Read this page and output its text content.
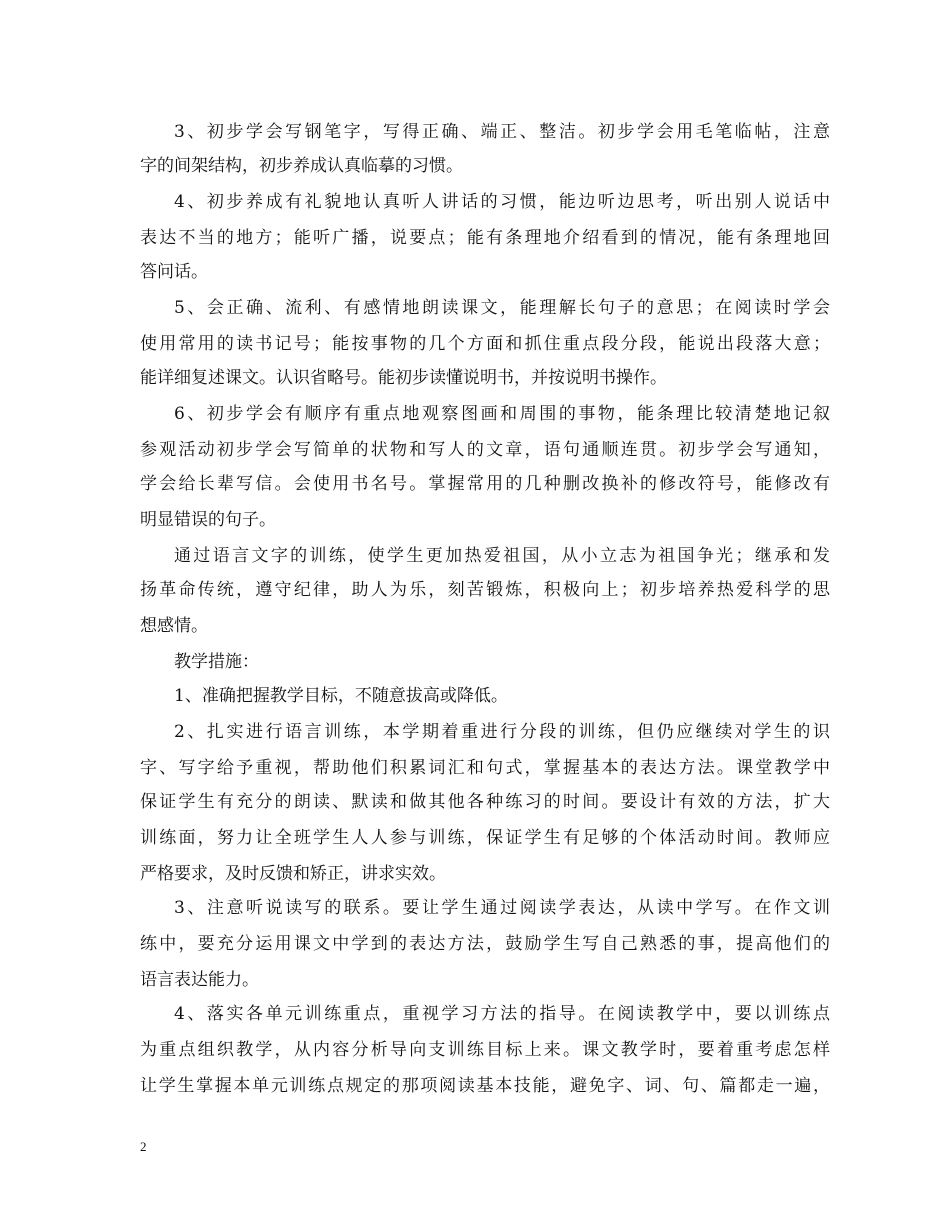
3、初步学会写钢笔字，写得正确、端正、整洁。初步学会用毛笔临帖，注意
字的间架结构，初步养成认真临摹的习惯。
4、初步养成有礼貌地认真听人讲话的习惯，能边听边思考，听出别人说话中
表达不当的地方；能听广播，说要点；能有条理地介绍看到的情况，能有条理地回
答问话。
5、会正确、流利、有感情地朗读课文，能理解长句子的意思；在阅读时学会
使用常用的读书记号；能按事物的几个方面和抓住重点段分段，能说出段落大意；
能详细复述课文。认识省略号。能初步读懂说明书，并按说明书操作。
6、初步学会有顺序有重点地观察图画和周围的事物，能条理比较清楚地记叙
参观活动初步学会写简单的状物和写人的文章，语句通顺连贯。初步学会写通知，
学会给长辈写信。会使用书名号。掌握常用的几种删改换补的修改符号，能修改有
明显错误的句子。
通过语言文字的训练，使学生更加热爱祖国，从小立志为祖国争光；继承和发
扬革命传统，遵守纪律，助人为乐，刻苦锻炼，积极向上；初步培养热爱科学的思
想感情。
教学措施：
1、准确把握教学目标，不随意拔高或降低。
2、扎实进行语言训练，本学期着重进行分段的训练，但仍应继续对学生的识
字、写字给予重视，帮助他们积累词汇和句式，掌握基本的表达方法。课堂教学中
保证学生有充分的朗读、默读和做其他各种练习的时间。要设计有效的方法，扩大
训练面，努力让全班学生人人参与训练，保证学生有足够的个体活动时间。教师应
严格要求，及时反馈和矫正，讲求实效。
3、注意听说读写的联系。要让学生通过阅读学表达，从读中学写。在作文训
练中，要充分运用课文中学到的表达方法，鼓励学生写自己熟悉的事，提高他们的
语言表达能力。
4、落实各单元训练重点，重视学习方法的指导。在阅读教学中，要以训练点
为重点组织教学，从内容分析导向支训练目标上来。课文教学时，要着重考虑怎样
让学生掌握本单元训练点规定的那项阅读基本技能，避免字、词、句、篇都走一遍，
2
